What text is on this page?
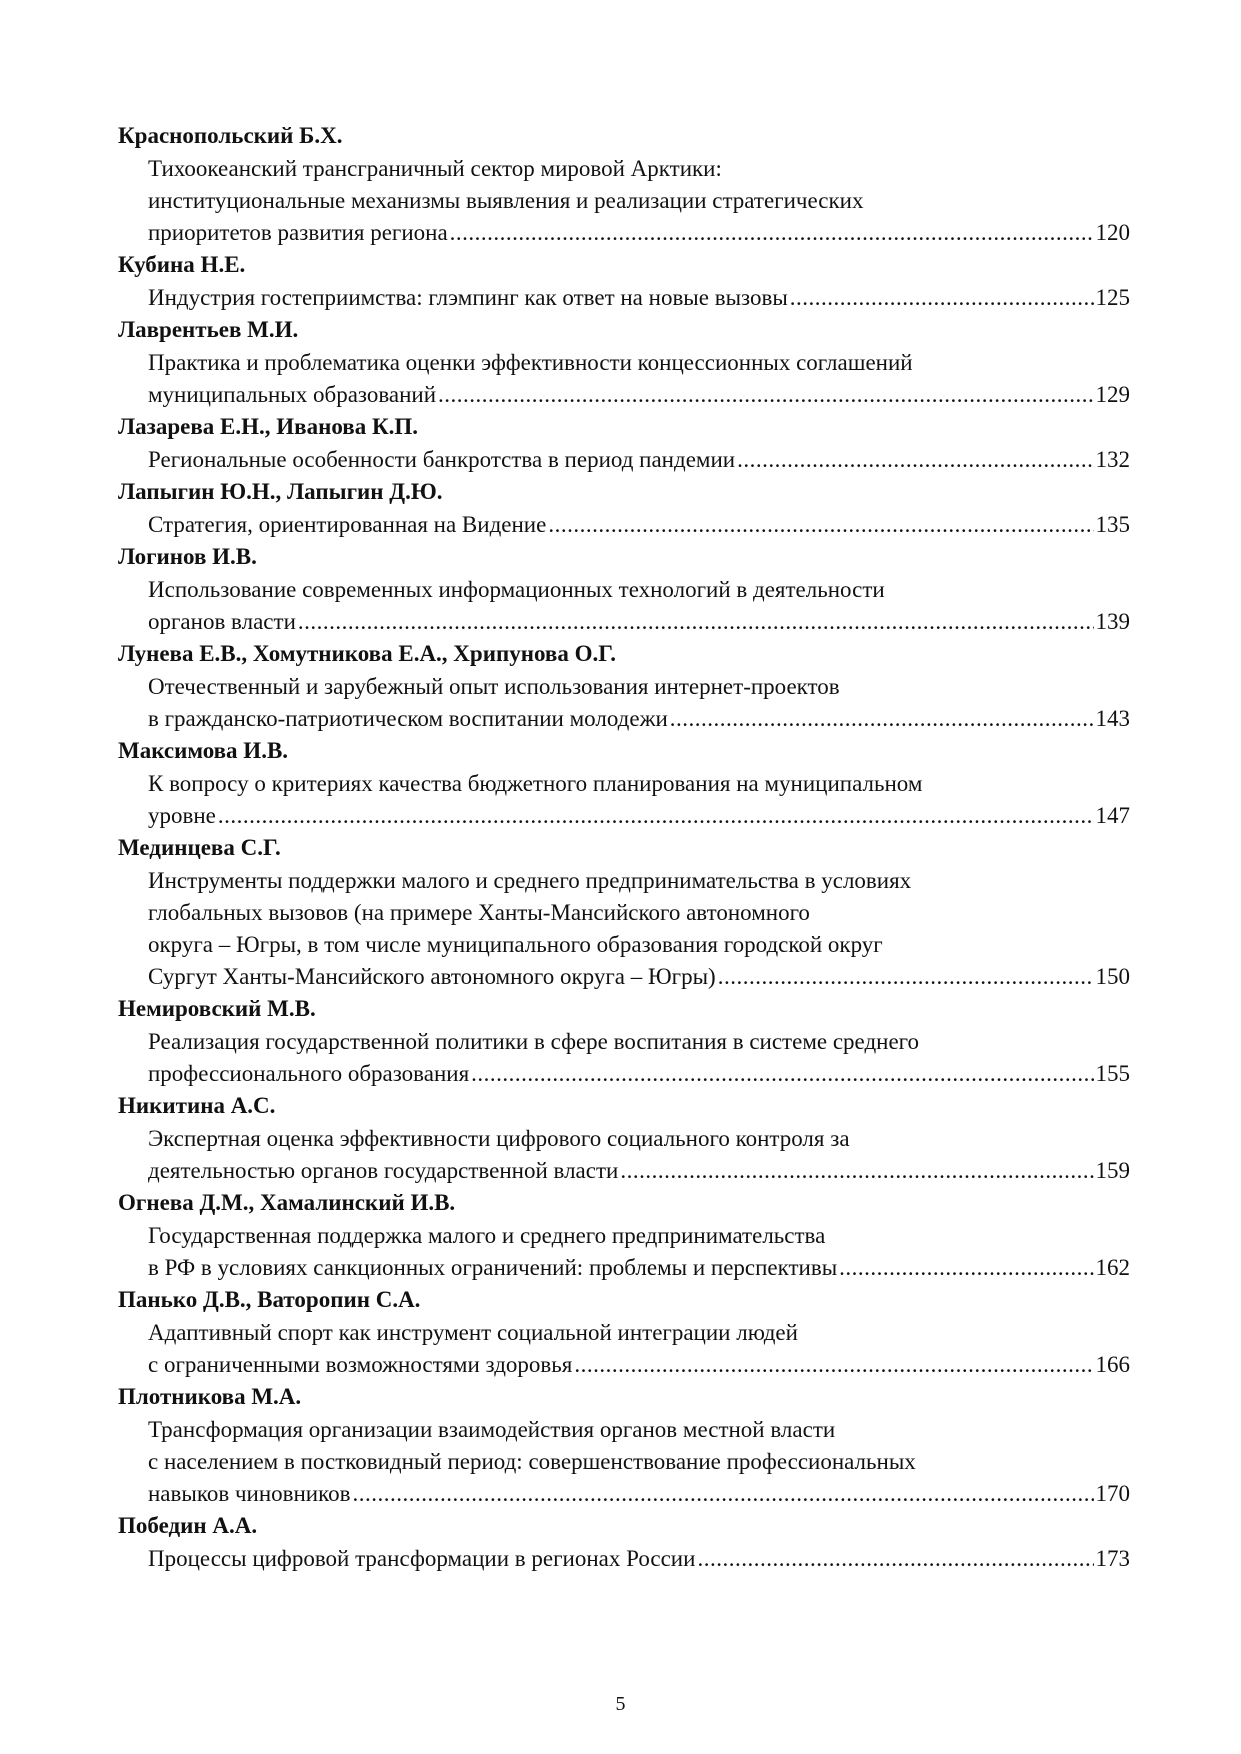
Краснопольский Б.Х.
Тихоокеанский трансграничный сектор мировой Арктики:
институциональные механизмы выявления и реализации стратегических
приоритетов развития региона .....	120
Кубина Н.Е.
Индустрия гостеприимства: глэмпинг как ответ на новые вызовы .....	125
Лаврентьев М.И.
Практика и проблематика оценки эффективности концессионных соглашений
муниципальных образований .....	129
Лазарева Е.Н., Иванова К.П.
Региональные особенности банкротства в период пандемии .....	132
Лапыгин Ю.Н., Лапыгин Д.Ю.
Стратегия, ориентированная на Видение .....	135
Логинов И.В.
Использование современных информационных технологий в деятельности
органов власти .....	139
Лунева Е.В., Хомутникова Е.А., Хрипунова О.Г.
Отечественный и зарубежный опыт использования интернет-проектов
в гражданско-патриотическом воспитании молодежи .....	143
Максимова И.В.
К вопросу о критериях качества бюджетного планирования на муниципальном
уровне .....	147
Мединцева С.Г.
Инструменты поддержки малого и среднего предпринимательства в условиях
глобальных вызовов (на примере Ханты-Мансийского автономного
округа – Югры, в том числе муниципального образования городской округ
Сургут Ханты-Мансийского автономного округа – Югры) .....	150
Немировский М.В.
Реализация государственной политики в сфере воспитания в системе среднего
профессионального образования .....	155
Никитина А.С.
Экспертная оценка эффективности цифрового социального контроля за
деятельностью органов государственной власти .....	159
Огнева Д.М., Хамалинский И.В.
Государственная поддержка малого и среднего предпринимательства
в РФ в условиях санкционных ограничений: проблемы и перспективы .....	162
Панько Д.В., Ваторопин С.А.
Адаптивный спорт как инструмент социальной интеграции людей
с ограниченными возможностями здоровья .....	166
Плотникова М.А.
Трансформация организации взаимодействия органов местной власти
с населением в постковидный период: совершенствование профессиональных
навыков чиновников .....	170
Победин А.А.
Процессы цифровой трансформации в регионах России .....	173
5
